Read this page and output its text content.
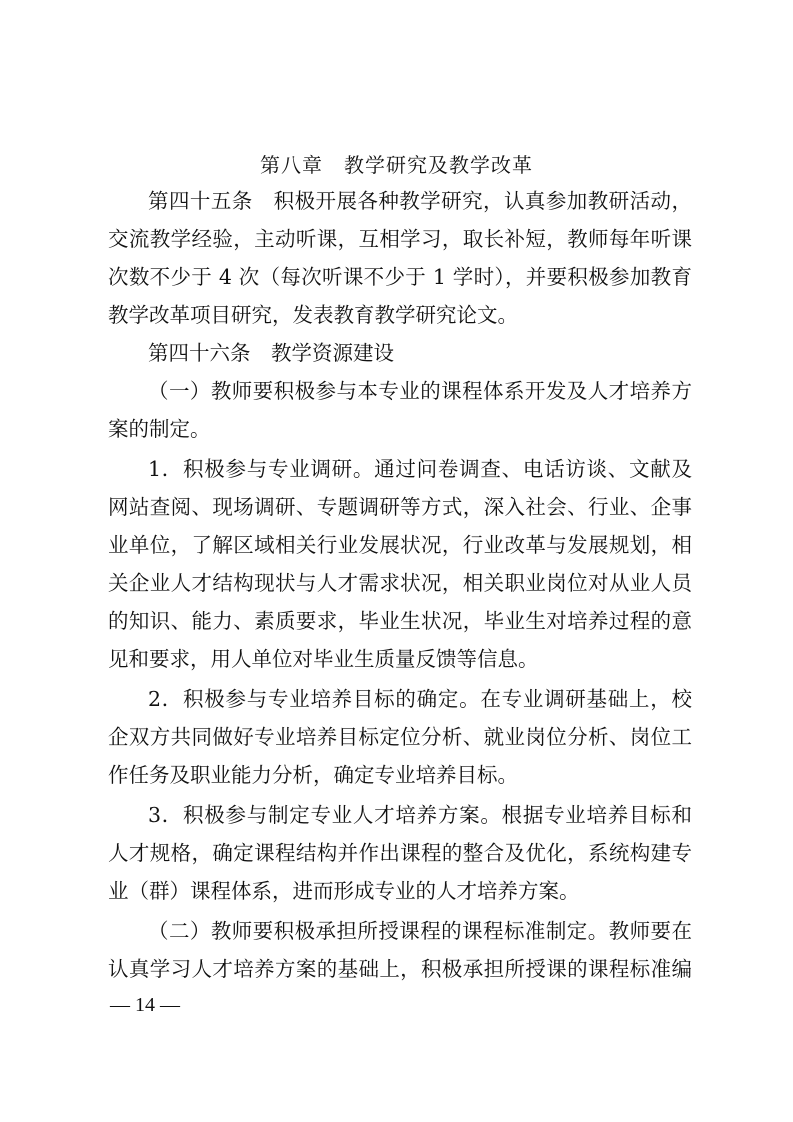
第八章　教学研究及教学改革
第四十五条　积极开展各种教学研究，认真参加教研活动，
交流教学经验，主动听课，互相学习，取长补短，教师每年听课
次数不少于 4 次（每次听课不少于 1 学时），并要积极参加教育
教学改革项目研究，发表教育教学研究论文。
第四十六条　教学资源建设
（一）教师要积极参与本专业的课程体系开发及人才培养方
案的制定。
1．积极参与专业调研。通过问卷调查、电话访谈、文献及
网站查阅、现场调研、专题调研等方式，深入社会、行业、企事
业单位，了解区域相关行业发展状况，行业改革与发展规划，相
关企业人才结构现状与人才需求状况，相关职业岗位对从业人员
的知识、能力、素质要求，毕业生状况，毕业生对培养过程的意
见和要求，用人单位对毕业生质量反馈等信息。
2．积极参与专业培养目标的确定。在专业调研基础上，校
企双方共同做好专业培养目标定位分析、就业岗位分析、岗位工
作任务及职业能力分析，确定专业培养目标。
3．积极参与制定专业人才培养方案。根据专业培养目标和
人才规格，确定课程结构并作出课程的整合及优化，系统构建专
业（群）课程体系，进而形成专业的人才培养方案。
（二）教师要积极承担所授课程的课程标准制定。教师要在
认真学习人才培养方案的基础上，积极承担所授课的课程标准编
— 14 —
